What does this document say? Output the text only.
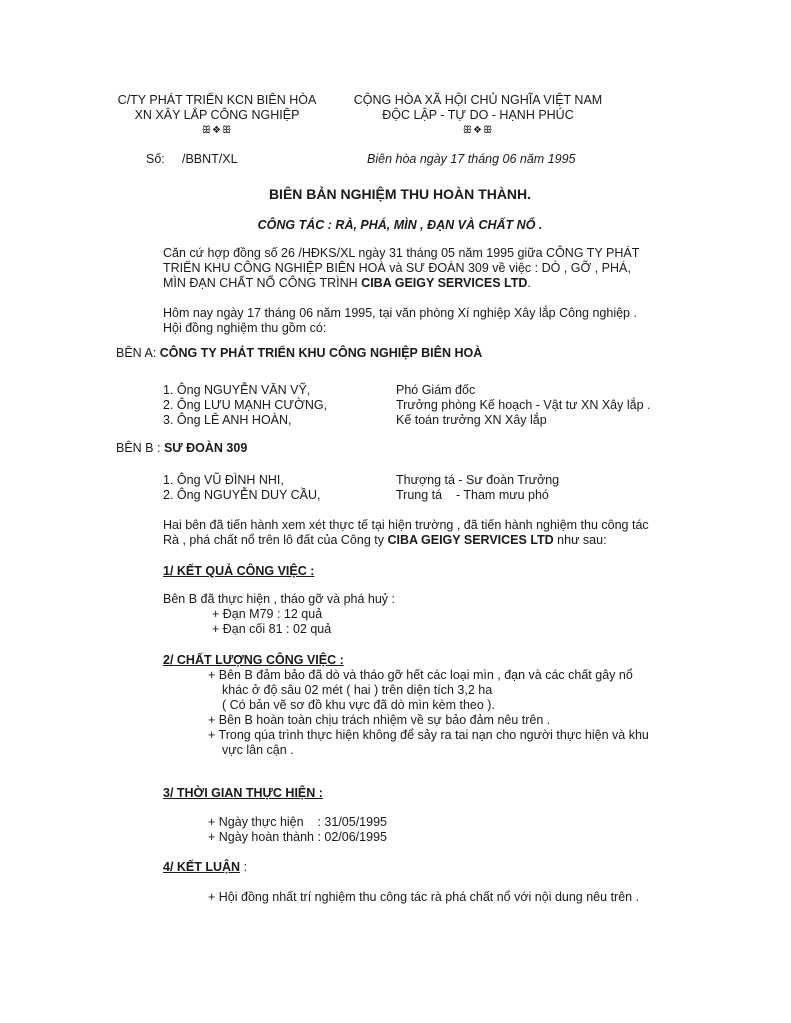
C/TY PHÁT TRIỂN KCN BIÊN HÒA
XN XÂY LẮP CÔNG NGHIỆP
ꕥ❖ꕥ
CỘNG HÒA XÃ HỘI CHỦ NGHĨA VIỆT NAM
ĐỘC LẬP - TỰ DO - HẠNH PHÚC
ꕥ❖ꕥ
Số: /BBNT/XL	Biên hòa ngày 17 tháng 06 năm 1995
BIÊN BẢN NGHIỆM THU HOÀN THÀNH.
CÔNG TÁC : RÀ, PHÁ, MÌN , ĐẠN VÀ CHẤT NỔ .
Căn cứ hợp đồng số 26 /HĐKS/XL ngày 31 tháng 05 năm 1995 giữa CÔNG TY PHÁT
TRIỂN KHU CÔNG NGHIỆP BIÊN HOÀ và SƯ ĐOÀN 309 về việc : DÒ , GỠ , PHÁ,
MÌN ĐẠN CHẤT NỔ CÔNG TRÌNH CIBA GEIGY SERVICES LTD.
Hôm nay ngày 17 tháng 06 năm 1995, tại văn phòng Xí nghiệp Xây lắp Công nghiệp .
Hội đồng nghiệm thu gồm có:
BÊN A: CÔNG TY PHÁT TRIỂN KHU CÔNG NGHIỆP BIÊN HOÀ
1. Ông NGUYỄN VĂN VỸ,	Phó Giám đốc
2. Ông LƯU MẠNH CƯỜNG,	Trưởng phòng Kế hoạch - Vật tư XN Xây lắp .
3. Ông LÊ ANH HOÀN,	Kế toán trưởng XN Xây lắp
BÊN B : SƯ ĐOÀN 309
1. Ông VŨ ĐÌNH NHI,	Thượng tá - Sư đoàn Trưởng
2. Ông NGUYỄN DUY CẦU,	Trung tá    - Tham mưu phó
Hai bên đã tiến hành xem xét thực tế tại hiện trường , đã tiến hành nghiệm thu công tác
Rà , phá chất nổ trên lô đất của Công ty CIBA GEIGY SERVICES LTD như sau:
1/ KẾT QUẢ CÔNG VIỆC :
Bên B đã thực hiện , tháo gỡ và phá huỷ :
+ Đạn M79 : 12 quả
+ Đạn cối 81 : 02 quả
2/ CHẤT LƯỢNG CÔNG VIỆC :
+ Bên B đảm bảo đã dò và tháo gỡ hết các loại mìn , đạn và các chất gây nổ
khác ở độ sâu 02 mét ( hai ) trên diện tích 3,2 ha
( Có bản vẽ sơ đồ khu vực đã dò mìn kèm theo ).
+ Bên B hoàn toàn chịu trách nhiệm về sự bảo đảm nêu trên .
+ Trong qúa trình thực hiện không để sảy ra tai nạn cho người thực hiện và khu
vực lân cận .
3/ THỜI GIAN THỰC HIỆN :
+ Ngày thực hiện    : 31/05/1995
+ Ngày hoàn thành : 02/06/1995
4/ KẾT LUẬN :
+ Hội đồng nhất trí nghiệm thu công tác rà phá chất nổ với nội dung nêu trên .
